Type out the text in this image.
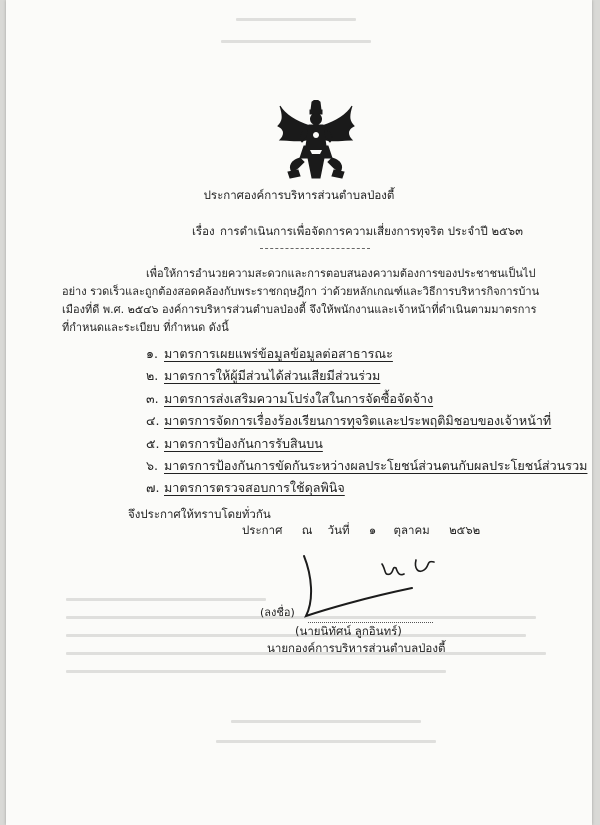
ประกาศองค์การบริหารส่วนตำบลป่องตี้
เรื่อง การดำเนินการเพื่อจัดการความเสี่ยงการทุจริต ประจำปี ๒๕๖๓
เพื่อให้การอำนวยความสะดวกและการตอบสนองความต้องการของประชาชนเป็นไปอย่าง รวดเร็วและถูกต้องสอดคล้องกับพระราชกฤษฎีกา ว่าด้วยหลักเกณฑ์และวิธีการบริหารกิจการบ้านเมืองที่ดี พ.ศ. ๒๕๔๖ องค์การบริหารส่วนตำบลป่องตี้ จึงให้พนักงานและเจ้าหน้าที่ดำเนินตามมาตรการที่กำหนดและระเบียบ ที่กำหนด ดังนี้
๑. มาตรการเผยแพร่ข้อมูลข้อมูลต่อสาธารณะ
๒. มาตรการให้ผู้มีส่วนได้ส่วนเสียมีส่วนร่วม
๓. มาตรการส่งเสริมความโปร่งใสในการจัดซื้อจัดจ้าง
๔. มาตรการจัดการเรื่องร้องเรียนการทุจริตและประพฤติมิชอบของเจ้าหน้าที่
๕. มาตรการป้องกันการรับสินบน
๖. มาตรการป้องกันการขัดกันระหว่างผลประโยชน์ส่วนตนกับผลประโยชน์ส่วนรวม
๗. มาตรการตรวจสอบการใช้ดุลพินิจ
จึงประกาศให้ทราบโดยทั่วกัน
ประกาศ ณ วันที่ ๑ ตุลาคม ๒๕๖๒
(ลงชื่อ)
(นายนิทัศน์ ลูกอินทร์)
นายกองค์การบริหารส่วนตำบลป่องตี้
